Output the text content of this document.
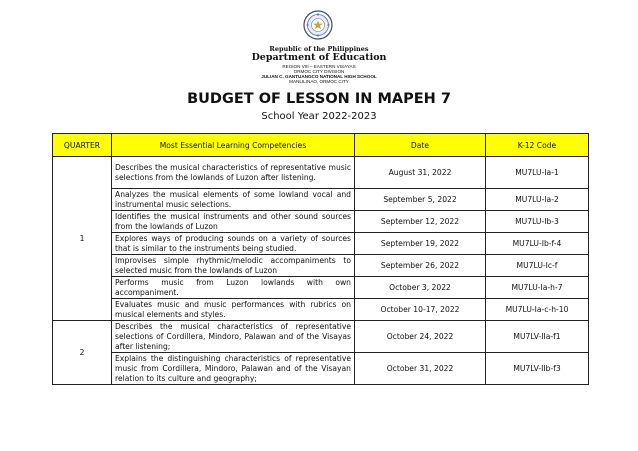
Republic of the Philippines
Department of Education
REGION VIII – EASTERN VISAYAS
ORMOC CITY DIVISION
JULIAN C. GANTUANGCO NATIONAL HIGH SCHOOL
MANLILINAO, ORMOC CITY
BUDGET OF LESSON IN MAPEH 7
School Year 2022-2023
QUARTER	Most Essential Learning Competencies	Date	K-12 Code
1	Describes the musical characteristics of representative music selections from the lowlands of Luzon after listening.	August 31, 2022	MU7LU-Ia-1
	Analyzes the musical elements of some lowland vocal and instrumental music selections.	September 5, 2022	MU7LU-Ia-2
	Identifies the musical instruments and other sound sources from the lowlands of Luzon	September 12, 2022	MU7LU-Ib-3
	Explores ways of producing sounds on a variety of sources that is similar to the instruments being studied.	September 19, 2022	MU7LU-Ib-f-4
	Improvises simple rhythmic/melodic accompaniments to selected music from the lowlands of Luzon	September 26, 2022	MU7LU-Ic-f
	Performs music from Luzon lowlands with own accompaniment.	October 3, 2022	MU7LU-Ia-h-7
	Evaluates music and music performances with rubrics on musical elements and styles.	October 10-17, 2022	MU7LU-Ia-c-h-10
2	Describes the musical characteristics of representative selections of Cordillera, Mindoro, Palawan and of the Visayas after listening;	October 24, 2022	MU7LV-IIa-f1
	Explains the distinguishing characteristics of representative music from Cordillera, Mindoro, Palawan and of the Visayan relation to its culture and geography;	October 31, 2022	MU7LV-IIb-f3
